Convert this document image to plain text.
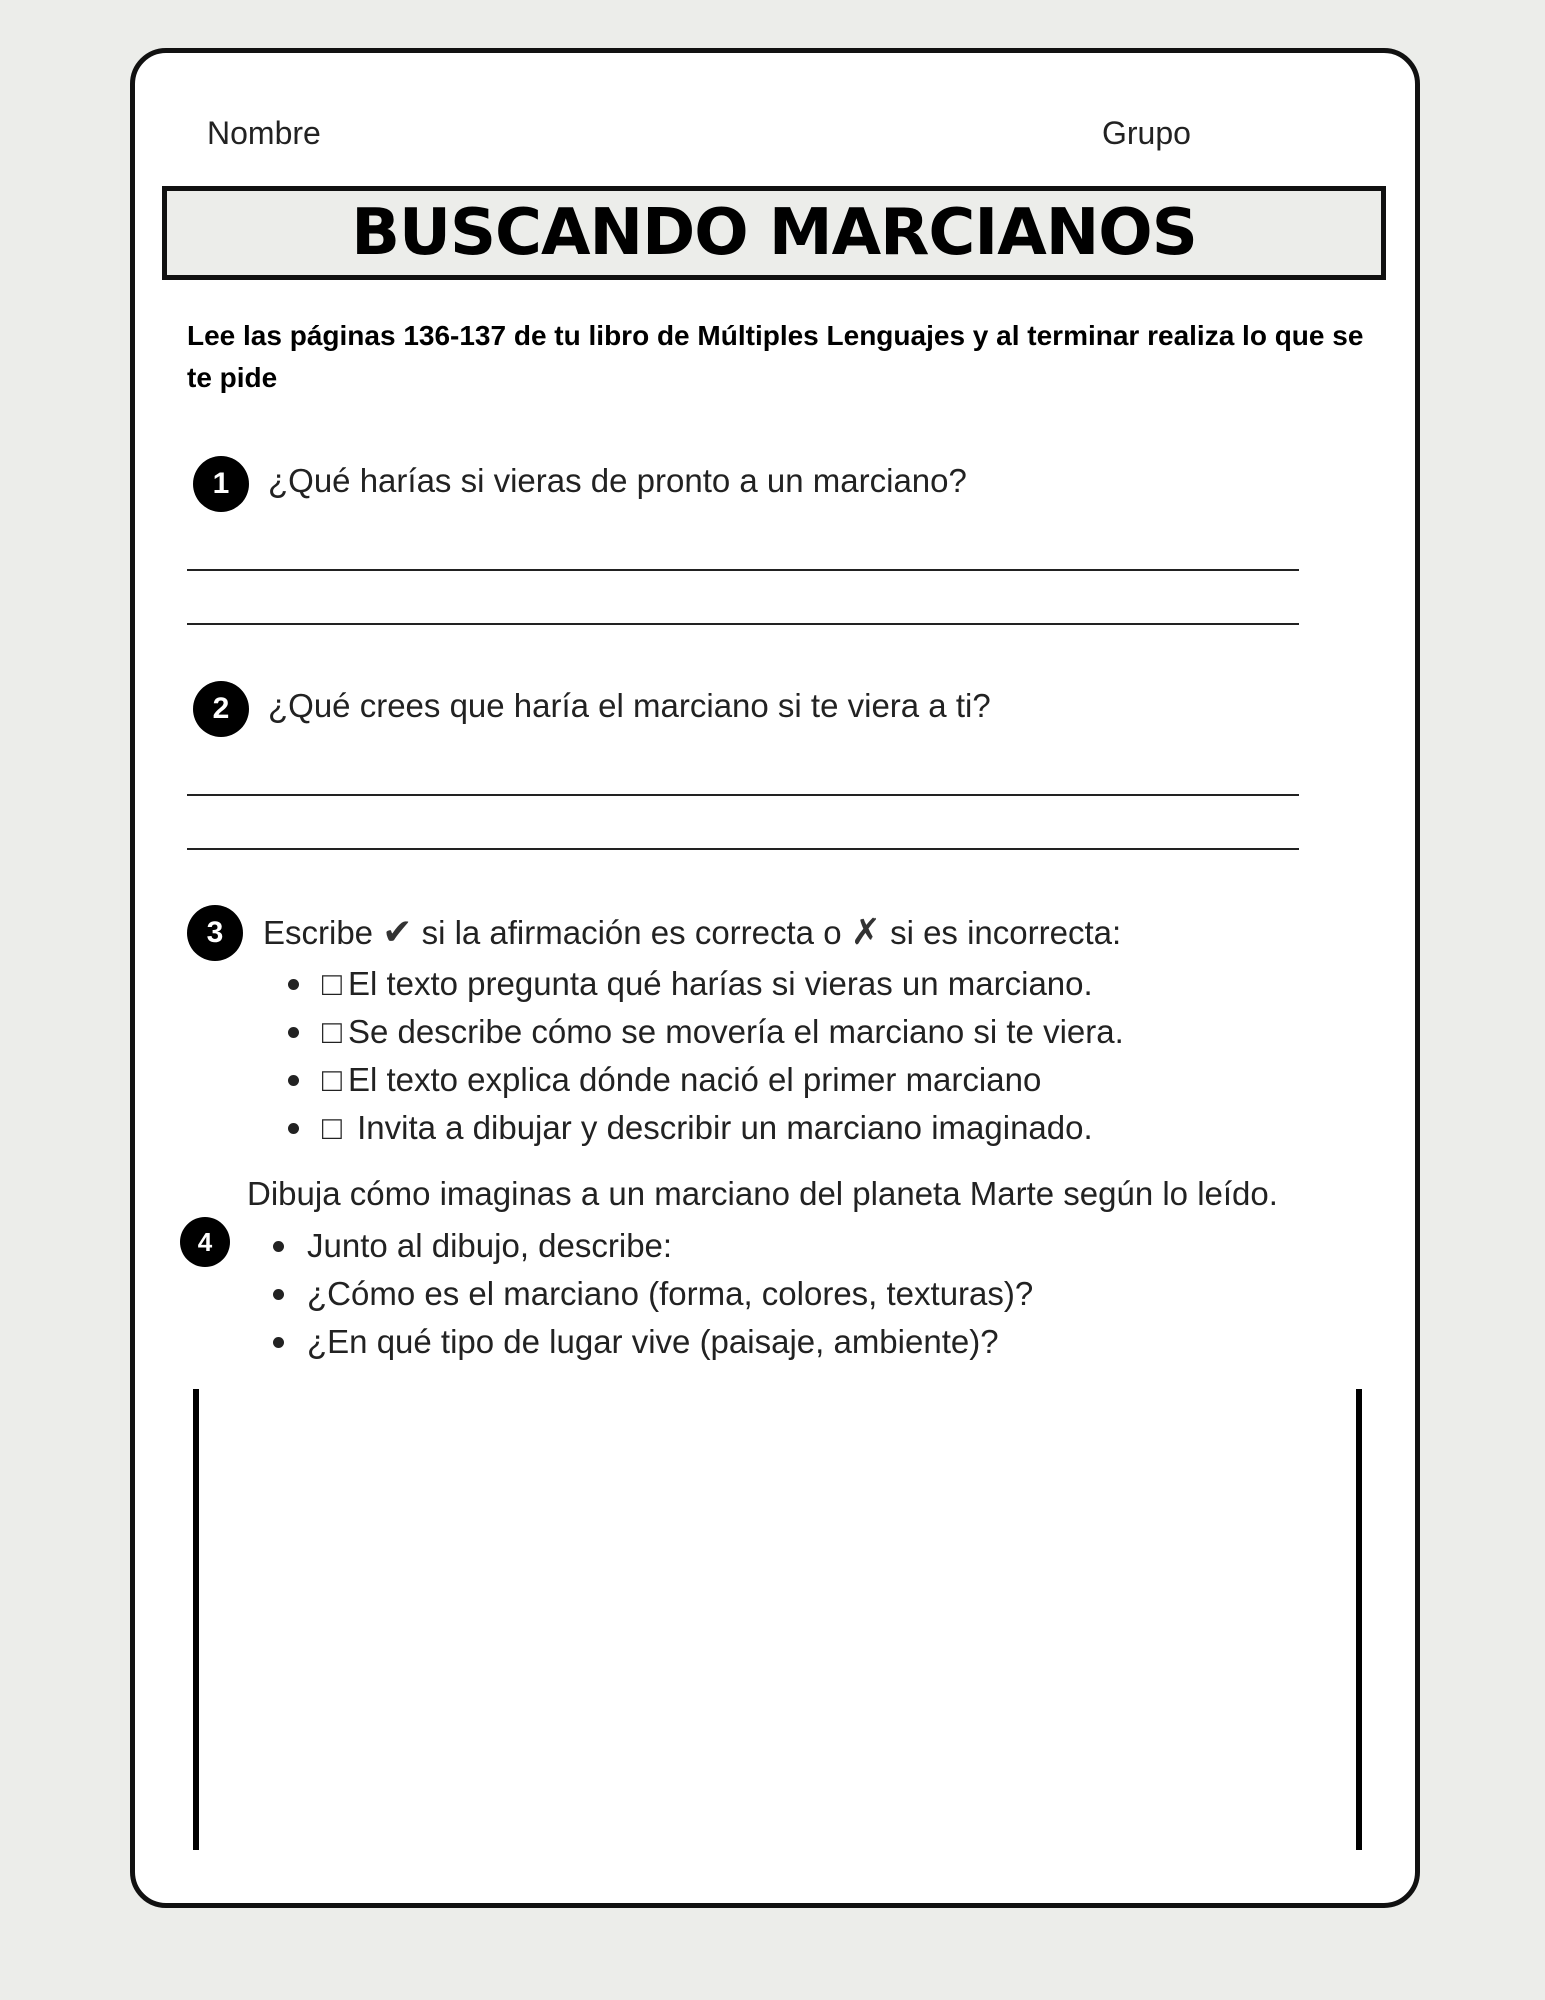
Nombre	Grupo
BUSCANDO MARCIANOS
Lee las páginas 136-137 de tu libro de Múltiples Lenguajes y al terminar realiza lo que se te pide
1	¿Qué harías si vieras de pronto a un marciano?
2	¿Qué crees que haría el marciano si te viera a ti?
3	Escribe ✔ si la afirmación es correcta o ✗ si es incorrecta:
□ El texto pregunta qué harías si vieras un marciano.
□ Se describe cómo se movería el marciano si te viera.
□ El texto explica dónde nació el primer marciano
□ Invita a dibujar y describir un marciano imaginado.
4
Dibuja cómo imaginas a un marciano del planeta Marte según lo leído.
Junto al dibujo, describe:
¿Cómo es el marciano (forma, colores, texturas)?
¿En qué tipo de lugar vive (paisaje, ambiente)?
